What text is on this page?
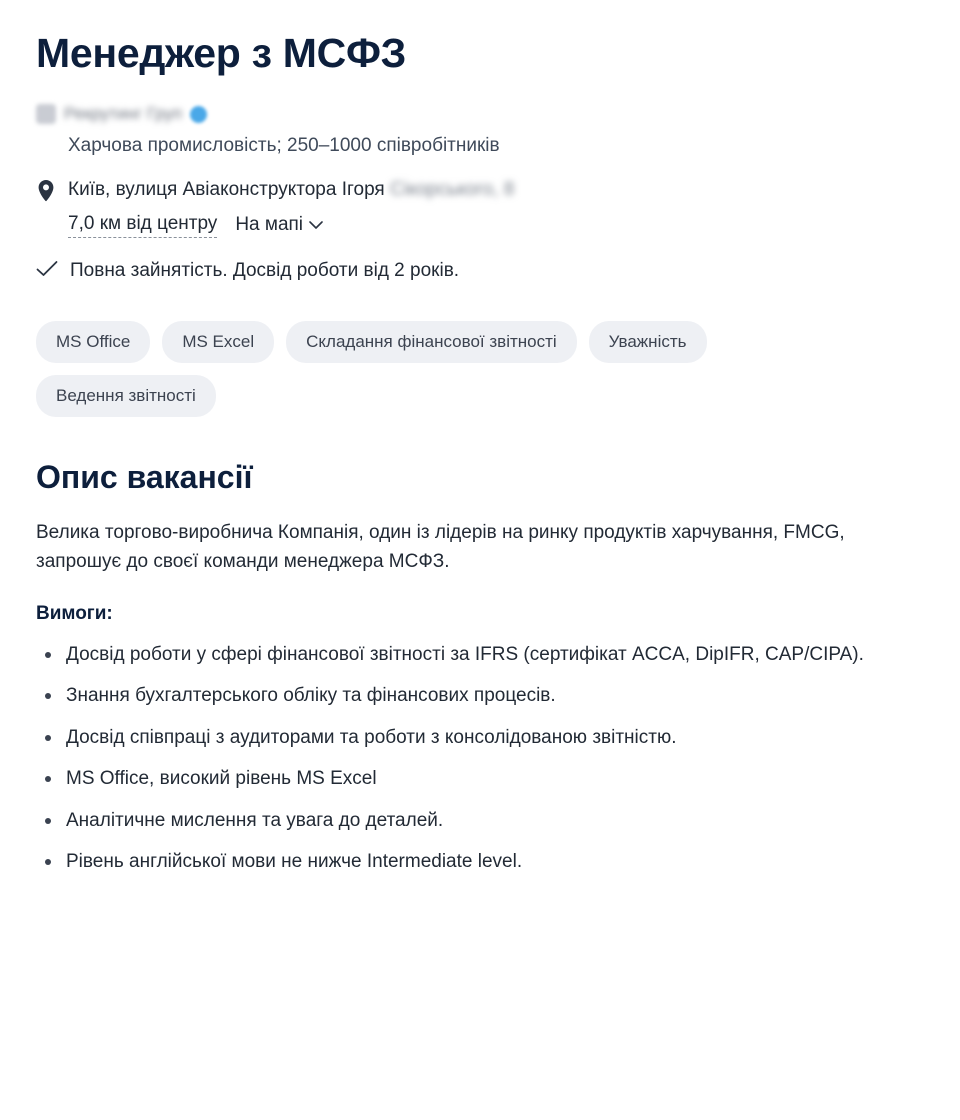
Менеджер з МСФЗ
Рекрутинг Груп
Харчова промисловість; 250–1000 співробітників
Київ, вулиця Авіаконструктора Ігоря Сікорського, 8
7,0 км від центру На мапі
Повна зайнятість. Досвід роботи від 2 років.
MS Office	MS Excel	Складання фінансової звітності	Уважність
Ведення звітності
Опис вакансії

Велика торгово-виробнича Компанія, один із лідерів на ринку продуктів харчування, FMCG, запрошує до своєї команди менеджера МСФЗ.

Вимоги:
Досвід роботи у сфері фінансової звітності за IFRS (сертифікат ACCA, DipIFR, CAP/CIPA).
Знання бухгалтерського обліку та фінансових процесів.
Досвід співпраці з аудиторами та роботи з консолідованою звітністю.
MS Office, високий рівень MS Excel
Аналітичне мислення та увага до деталей.
Рівень англійської мови не нижче Intermediate level.
